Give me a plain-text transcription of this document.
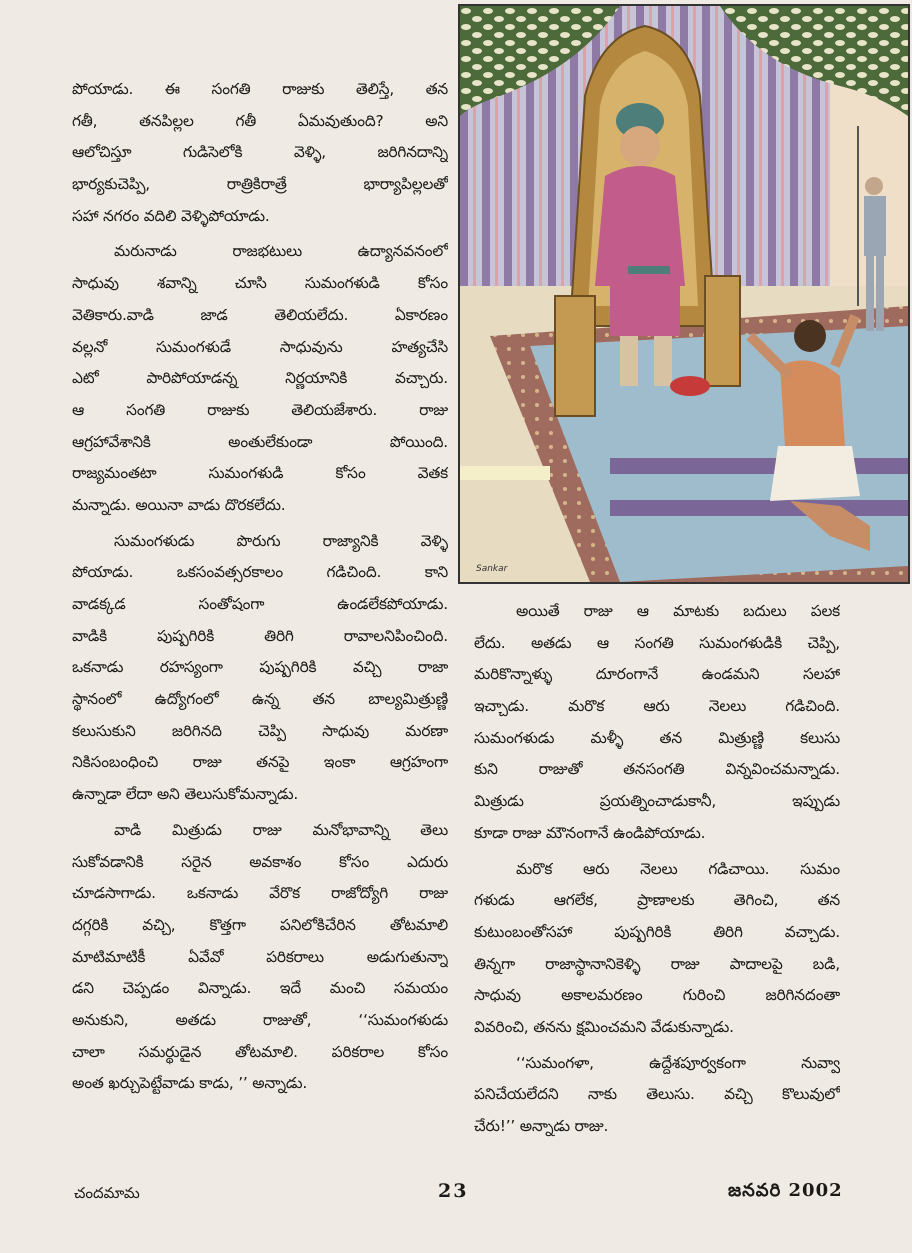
పోయాడు. ఈ సంగతి రాజుకు తెలిస్తే, తన
గతీ, తనపిల్లల గతీ ఏమవుతుంది? అని
ఆలోచిస్తూ గుడిసెలోకి వెళ్ళి, జరిగినదాన్ని
భార్యకుచెప్పి, రాత్రికిరాత్రే భార్యాపిల్లలతో
సహా నగరం వదిలి వెళ్ళిపోయాడు.

మరునాడు రాజభటులు ఉద్యానవనంలో
సాధువు శవాన్ని చూసి సుమంగళుడి కోసం
వెతికారు.వాడి జాడ తెలియలేదు. ఏకారణం
వల్లనో సుమంగళుడే సాధువును హత్యచేసి
ఎటో పారిపోయాడన్న నిర్ణయానికి వచ్చారు.
ఆ సంగతి రాజుకు తెలియజేశారు. రాజు
ఆగ్రహావేశానికి అంతులేకుండా పోయింది.
రాజ్యమంతటా సుమంగళుడి కోసం వెతక
మన్నాడు. అయినా వాడు దొరకలేదు.

సుమంగళుడు పొరుగు రాజ్యానికి వెళ్ళి
పోయాడు. ఒకసంవత్సరకాలం గడిచింది. కాని
వాడక్కడ సంతోషంగా ఉండలేకపోయాడు.
వాడికి పుష్పగిరికి తిరిగి రావాలనిపించింది.
ఒకనాడు రహస్యంగా పుష్పగిరికి వచ్చి రాజా
స్థానంలో ఉద్యోగంలో ఉన్న తన బాల్యమిత్రుణ్ణి
కలుసుకుని జరిగినది చెప్పి సాధువు మరణా
నికిసంబంధించి రాజు తనపై ఇంకా ఆగ్రహంగా
ఉన్నాడా లేదా అని తెలుసుకోమన్నాడు.

వాడి మిత్రుడు రాజు మనోభావాన్ని తెలు
సుకోవడానికి సరైన అవకాశం కోసం ఎదురు
చూడసాగాడు. ఒకనాడు వేరొక రాజోద్యోగి రాజు
దగ్గరికి వచ్చి, కొత్తగా పనిలోకిచేరిన తోటమాలి
మాటిమాటికీ ఏవేవో పరికరాలు అడుగుతున్నా
డని చెప్పడం విన్నాడు. ఇదే మంచి సమయం
అనుకుని, అతడు రాజుతో, ‘‘సుమంగళుడు
చాలా సమర్థుడైన తోటమాలి. పరికరాల కోసం
అంత ఖర్చుపెట్టేవాడు కాడు, ’’ అన్నాడు.

Sankar

అయితే రాజు ఆ మాటకు బదులు పలక
లేదు. అతడు ఆ సంగతి సుమంగళుడికి చెప్పి,
మరికొన్నాళ్ళు దూరంగానే ఉండమని సలహా
ఇచ్చాడు. మరొక ఆరు నెలలు గడిచింది.
సుమంగళుడు మళ్ళీ తన మిత్రుణ్ణి కలుసు
కుని రాజుతో తనసంగతి విన్నవించమన్నాడు.
మిత్రుడు ప్రయత్నించాడుకానీ, ఇప్పుడు
కూడా రాజు మౌనంగానే ఉండిపోయాడు.

మరొక ఆరు నెలలు గడిచాయి. సుమం
గళుడు ఆగలేక, ప్రాణాలకు తెగించి, తన
కుటుంబంతోసహా పుష్పగిరికి తిరిగి వచ్చాడు.
తిన్నగా రాజాస్థానానికెళ్ళి రాజు పాదాలపై బడి,
సాధువు అకాలమరణం గురించి జరిగినదంతా
వివరించి, తనను క్షమించమని వేడుకున్నాడు.

‘‘సుమంగళా, ఉద్దేశపూర్వకంగా నువ్వా
పనిచేయలేదని నాకు తెలుసు. వచ్చి కొలువులో
చేరు!’’ అన్నాడు రాజు.

చందమామ	23	జనవరి 2002
